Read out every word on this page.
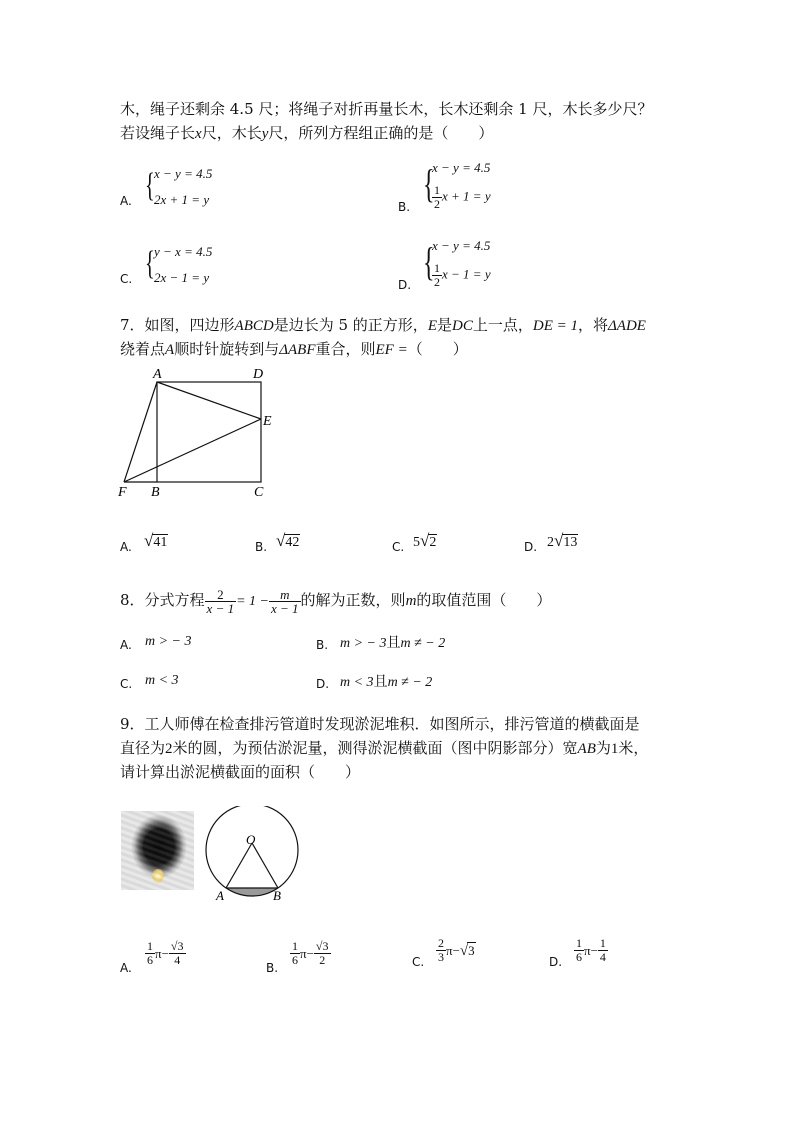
木，绳子还剩余 4.5 尺；将绳子对折再量长木，长木还剩余 1 尺，木长多少尺？
若设绳子长x尺，木长y尺，所列方程组正确的是（　　）
A. { x − y = 4.5
2x + 1 = y	B.
{
x − y = 4.5
$\frac{1}{2}$ x + 1 = y
C. { y − x = 4.5
2x − 1 = y	D.
{
x − y = 4.5
$\frac{1}{2}$ x − 1 = y
7．如图，四边形ABCD是边长为 5 的正方形，E是DC上一点，DE = 1，将ΔADE
绕着点A顺时针旋转到与ΔABF重合，则EF =（　　）
A	D
E
F B	C
A. √41	B. √42	C. 5√2	D. 2√13
8．分式方程 $\frac{2}{x - 1} = 1 - \frac{m}{x - 1}$ 的解为正数，则m的取值范围（　　）
A. m > − 3	B. m > − 3且m ≠ − 2
C. m < 3	D. m < 3且m ≠ − 2
9．工人师傅在检查排污管道时发现淤泥堆积．如图所示，排污管道的横截面是
直径为2米的圆，为预估淤泥量，测得淤泥横截面（图中阴影部分）宽AB为1米，
请计算出淤泥横截面的面积（　　）
O
A	B
A.
$\frac{1}{6} \pi- \frac{√3}{4}$
B.
$\frac{1}{6} \pi- \frac{√3}{2}$	C. $\frac{2}{3} \pi-√3$
D. $\frac{1}{6} \pi- \frac{1}{4}$
